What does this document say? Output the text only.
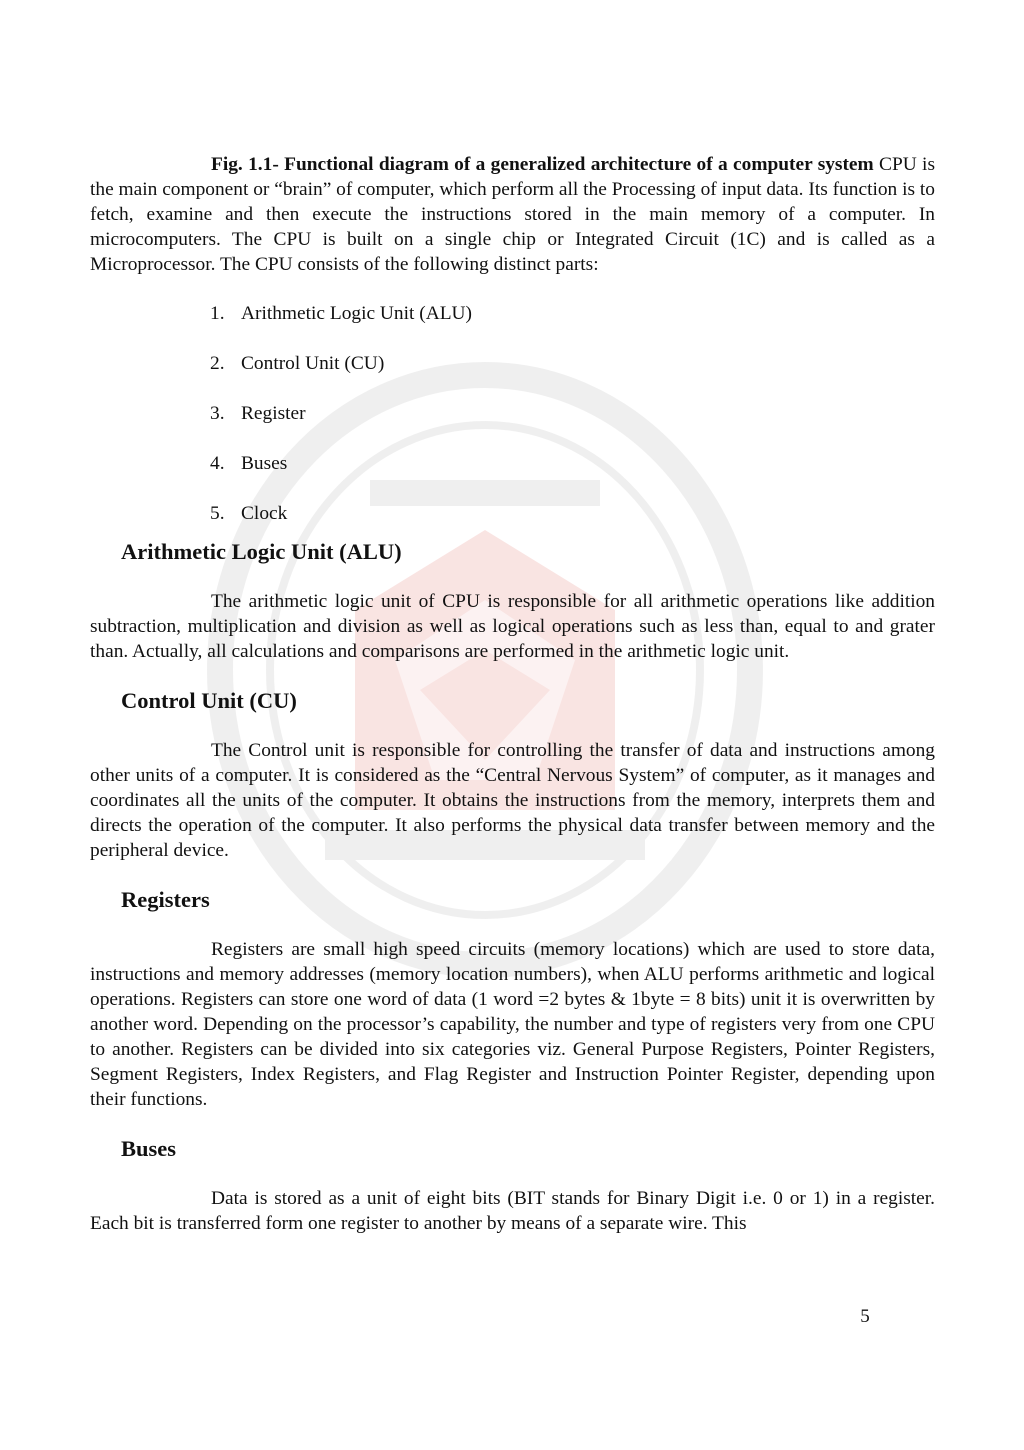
Fig. 1.1- Functional diagram of a generalized architecture of a computer system CPU is the main component or “brain” of computer, which perform all the Processing of input data. Its function is to fetch, examine and then execute the instructions stored in the main memory of a computer. In microcomputers. The CPU is built on a single chip or Integrated Circuit (1C) and is called as a Microprocessor. The CPU consists of the following distinct parts:

1. Arithmetic Logic Unit (ALU)
2. Control Unit (CU)
3. Register
4. Buses
5. Clock
Arithmetic Logic Unit (ALU)

The arithmetic logic unit of CPU is responsible for all arithmetic operations like addition subtraction, multiplication and division as well as logical operations such as less than, equal to and grater than. Actually, all calculations and comparisons are performed in the arithmetic logic unit.

Control Unit (CU)

The Control unit is responsible for controlling the transfer of data and instructions among other units of a computer. It is considered as the “Central Nervous System” of computer, as it manages and coordinates all the units of the computer. It obtains the instructions from the memory, interprets them and directs the operation of the computer. It also performs the physical data transfer between memory and the peripheral device.

Registers

Registers are small high speed circuits (memory locations) which are used to store data, instructions and memory addresses (memory location numbers), when ALU performs arithmetic and logical operations. Registers can store one word of data (1 word =2 bytes & 1byte = 8 bits) unit it is overwritten by another word. Depending on the processor’s capability, the number and type of registers very from one CPU to another. Registers can be divided into six categories viz. General Purpose Registers, Pointer Registers, Segment Registers, Index Registers, and Flag Register and Instruction Pointer Register, depending upon their functions.

Buses

Data is stored as a unit of eight bits (BIT stands for Binary Digit i.e. 0 or 1) in a register. Each bit is transferred form one register to another by means of a separate wire. This

5
